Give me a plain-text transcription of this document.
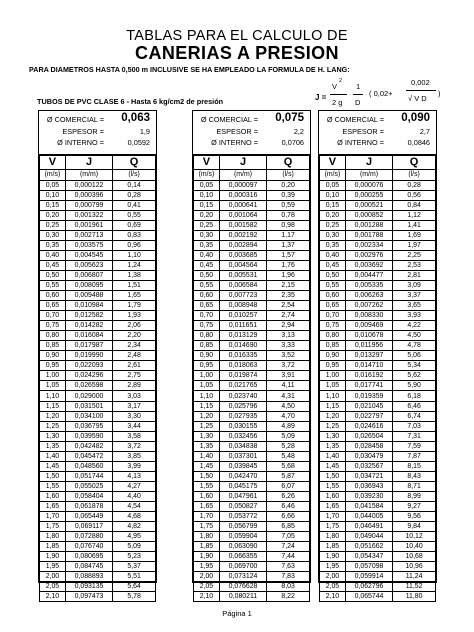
TABLAS PARA EL CALCULO DE
CANERIAS A PRESION
PARA DIAMETROS HASTA 0,500 m INCLUSIVE SE HA EMPLEADO LA FORMULA DE H. LANG:
J =
V
2
2 g
1
D
( 0,02+
0,002
√ V D
)
TUBOS DE PVC CLASE 6 - Hasta 6 kg/cm2 de presión
Ø COMERCIAL = 0,063
ESPESOR =	1,9
Ø INTERNO =	0,0592
V	J	Q
(m/s)	(m/m)	(l/s)
0,05	0,000122	0,14
0,10	0,000396	0,28
0,15	0,000799	0,41
0,20	0,001322	0,55
0,25	0,001961	0,69
0,30	0,002713	0,83
0,35	0,003575	0,96
0,40	0,004545	1,10
0,45	0,005623	1,24
0,50	0,006807	1,38
0,55	0,008095	1,51
0,60	0,009488	1,65
0,65	0,010984	1,79
0,70	0,012582	1,93
0,75	0,014282	2,06
0,80	0,016084	2,20
0,85	0,017987	2,34
0,90	0,019990	2,48
0,95	0,022093	2,61
1,00	0,024296	2,75
1,05	0,026598	2,89
1,10	0,029000	3,03
1,15	0,031501	3,17
1,20	0,034100	3,30
1,25	0,036795	3,44
1,30	0,039590	3,58
1,35	0,042482	3,72
1,40	0,045472	3,85
1,45	0,048560	3,99
1,50	0,051744	4,13
1,55	0,055025	4,27
1,60	0,058404	4,40
1,65	0,061878	4,54
1,70	0,065449	4,68
1,75	0,069117	4,82
1,80	0,072880	4,95
1,85	0,076740	5,09
1,90	0,080695	5,23
1,95	0,084745	5,37
2,00	0,088893	5,51
2,05	0,093135	5,64
2,10	0,097473	5,78
Ø COMERCIAL = 0,075
ESPESOR =	2,2
Ø INTERNO =	0,0706
V	J	Q
(m/s)	(m/m)	(l/s)
0,05	0,000097	0,20
0,10	0,000316	0,39
0,15	0,000641	0,59
0,20	0,001064	0,78
0,25	0,001582	0,98
0,30	0,002192	1,17
0,35	0,002894	1,37
0,40	0,003685	1,57
0,45	0,004564	1,76
0,50	0,005531	1,96
0,55	0,006584	2,15
0,60	0,007723	2,35
0,65	0,008948	2,54
0,70	0,010257	2,74
0,75	0,011651	2,94
0,80	0,013129	3,13
0,85	0,014690	3,33
0,90	0,016335	3,52
0,95	0,018063	3,72
1,00	0,019874	3,91
1,05	0,021765	4,11
1,10	0,023740	4,31
1,15	0,025796	4,50
1,20	0,027935	4,70
1,25	0,030155	4,89
1,30	0,032456	5,09
1,35	0,034838	5,28
1,40	0,037301	5,48
1,45	0,039845	5,68
1,50	0,042470	5,87
1,55	0,045175	6,07
1,60	0,047961	6,26
1,65	0,050827	6,46
1,70	0,053772	6,66
1,75	0,056799	6,85
1,80	0,059904	7,05
1,85	0,063090	7,24
1,90	0,066355	7,44
1,95	0,069700	7,63
2,00	0,073124	7,83
2,05	0,076628	8,03
2,10	0,080211	8,22
Ø COMERCIAL = 0,090
ESPESOR =	2,7
Ø INTERNO =	0,0846
V	J	Q
(m/s)	(m/m)	(l/s)
0,05	0,000076	0,28
0,10	0,000255	0,56
0,15	0,000521	0,84
0,20	0,000852	1,12
0,25	0,001288	1,41
0,30	0,001788	1,69
0,35	0,002334	1,97
0,40	0,002976	2,25
0,45	0,003692	2,53
0,50	0,004477	2,81
0,55	0,005335	3,09
0,60	0,006263	3,37
0,65	0,007262	3,65
0,70	0,008330	3,93
0,75	0,009469	4,22
0,80	0,010678	4,50
0,85	0,011956	4,78
0,90	0,013297	5,06
0,95	0,014710	5,34
1,00	0,016192	5,62
1,05	0,017741	5,90
1,10	0,019359	6,18
1,15	0,021045	6,46
1,20	0,022797	6,74
1,25	0,024616	7,03
1,30	0,026504	7,31
1,35	0,028458	7,59
1,40	0,030479	7,87
1,45	0,032567	8,15
1,50	0,034721	8,43
1,55	0,036943	8,71
1,60	0,039230	8,99
1,65	0,041584	9,27
1,70	0,044005	9,56
1,75	0,046491	9,84
1,80	0,049044	10,12
1,85	0,051662	10,40
1,90	0,054347	10,68
1,95	0,057098	10,96
2,00	0,059914	11,24
2,05	0,062796	11,52
2,10	0,065744	11,80
Página 1
